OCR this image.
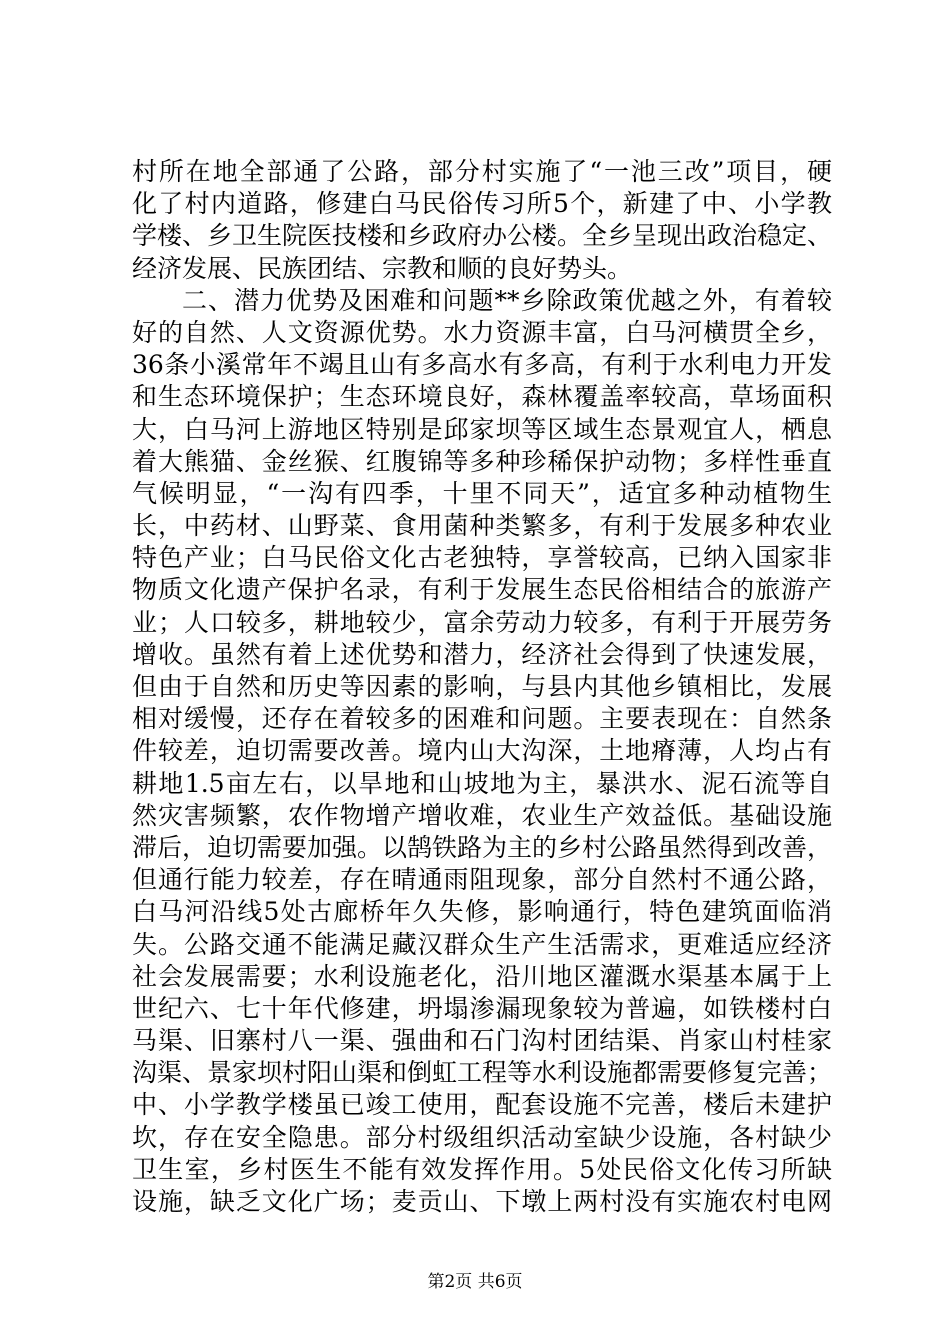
村所在地全部通了公路，部分村实施了“一池三改”项目，硬
化了村内道路，修建白马民俗传习所5个，新建了中、小学教
学楼、乡卫生院医技楼和乡政府办公楼。全乡呈现出政治稳定、
经济发展、民族团结、宗教和顺的良好势头。
二、潜力优势及困难和问题**乡除政策优越之外，有着较
好的自然、人文资源优势。水力资源丰富，白马河横贯全乡，
36条小溪常年不竭且山有多高水有多高，有利于水利电力开发
和生态环境保护；生态环境良好，森林覆盖率较高，草场面积
大，白马河上游地区特别是邱家坝等区域生态景观宜人，栖息
着大熊猫、金丝猴、红腹锦等多种珍稀保护动物；多样性垂直
气候明显，“一沟有四季，十里不同天”，适宜多种动植物生
长，中药材、山野菜、食用菌种类繁多，有利于发展多种农业
特色产业；白马民俗文化古老独特，享誉较高，已纳入国家非
物质文化遗产保护名录，有利于发展生态民俗相结合的旅游产
业；人口较多，耕地较少，富余劳动力较多，有利于开展劳务
增收。虽然有着上述优势和潜力，经济社会得到了快速发展，
但由于自然和历史等因素的影响，与县内其他乡镇相比，发展
相对缓慢，还存在着较多的困难和问题。主要表现在：自然条
件较差，迫切需要改善。境内山大沟深，土地瘠薄，人均占有
耕地1.5亩左右，以旱地和山坡地为主，暴洪水、泥石流等自
然灾害频繁，农作物增产增收难，农业生产效益低。基础设施
滞后，迫切需要加强。以鹄铁路为主的乡村公路虽然得到改善，
但通行能力较差，存在晴通雨阻现象，部分自然村不通公路，
白马河沿线5处古廊桥年久失修，影响通行，特色建筑面临消
失。公路交通不能满足藏汉群众生产生活需求，更难适应经济
社会发展需要；水利设施老化，沿川地区灌溉水渠基本属于上
世纪六、七十年代修建，坍塌渗漏现象较为普遍，如铁楼村白
马渠、旧寨村八一渠、强曲和石门沟村团结渠、肖家山村桂家
沟渠、景家坝村阳山渠和倒虹工程等水利设施都需要修复完善；
中、小学教学楼虽已竣工使用，配套设施不完善，楼后未建护
坎，存在安全隐患。部分村级组织活动室缺少设施，各村缺少
卫生室，乡村医生不能有效发挥作用。5处民俗文化传习所缺
设施，缺乏文化广场；麦贡山、下墩上两村没有实施农村电网
第2页 共6页
